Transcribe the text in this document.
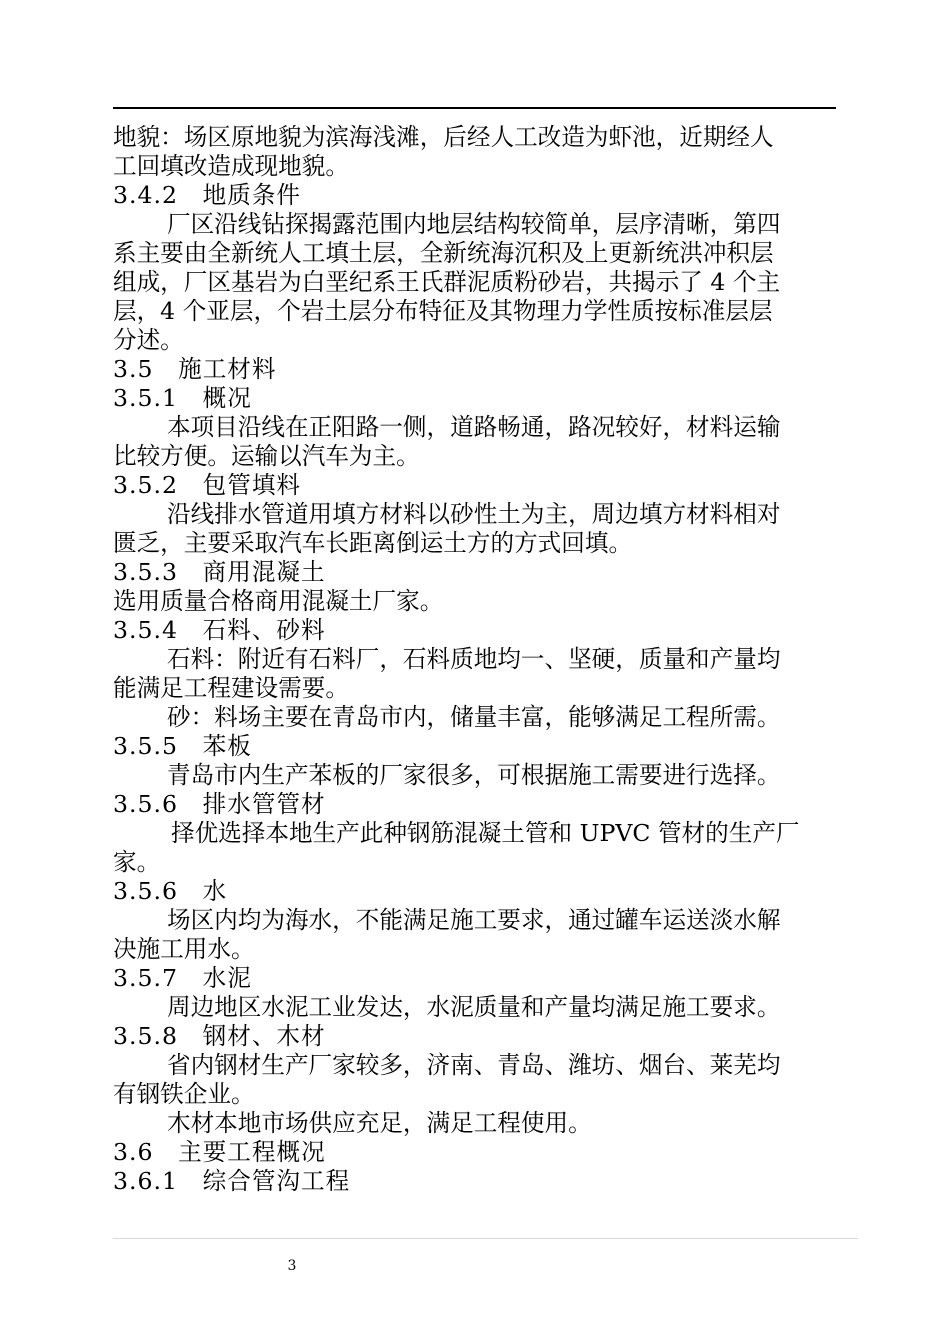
地貌：场区原地貌为滨海浅滩，后经人工改造为虾池，近期经人
工回填改造成现地貌。
3.4.2　地质条件
厂区沿线钻探揭露范围内地层结构较简单，层序清晰，第四
系主要由全新统人工填土层，全新统海沉积及上更新统洪冲积层
组成，厂区基岩为白垩纪系王氏群泥质粉砂岩，共揭示了 4 个主
层，4 个亚层，个岩土层分布特征及其物理力学性质按标准层层
分述。
3.5　施工材料
3.5.1　概况
本项目沿线在正阳路一侧，道路畅通，路况较好，材料运输
比较方便。运输以汽车为主。
3.5.2　包管填料
沿线排水管道用填方材料以砂性土为主，周边填方材料相对
匮乏，主要采取汽车长距离倒运土方的方式回填。
3.5.3　商用混凝土
选用质量合格商用混凝土厂家。
3.5.4　石料、砂料
石料：附近有石料厂，石料质地均一、坚硬，质量和产量均
能满足工程建设需要。
砂：料场主要在青岛市内，储量丰富，能够满足工程所需。
3.5.5　苯板
青岛市内生产苯板的厂家很多，可根据施工需要进行选择。
3.5.6　排水管管材
择优选择本地生产此种钢筋混凝土管和 UPVC 管材的生产厂
家。
3.5.6　水
场区内均为海水，不能满足施工要求，通过罐车运送淡水解
决施工用水。
3.5.7　水泥
周边地区水泥工业发达，水泥质量和产量均满足施工要求。
3.5.8　钢材、木材
省内钢材生产厂家较多，济南、青岛、潍坊、烟台、莱芜均
有钢铁企业。
木材本地市场供应充足，满足工程使用。
3.6　主要工程概况
3.6.1　综合管沟工程
3
